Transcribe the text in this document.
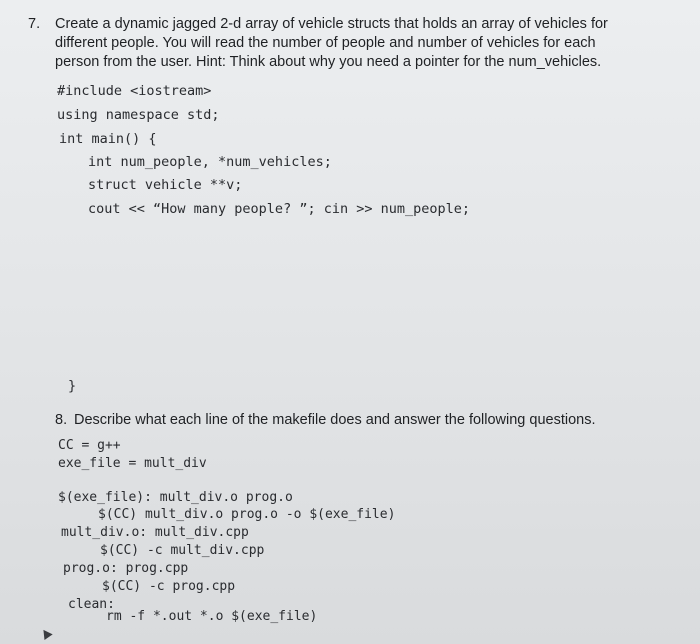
7. Create a dynamic jagged 2-d array of vehicle structs that holds an array of vehicles for
different people. You will read the number of people and number of vehicles for each
person from the user. Hint: Think about why you need a pointer for the num_vehicles.
#include <iostream>
using namespace std;
int main() {
int num_people, *num_vehicles;
struct vehicle **v;
cout << “How many people? ”; cin >> num_people;
}
8. Describe what each line of the makefile does and answer the following questions.
CC = g++
exe_file = mult_div
$(exe_file): mult_div.o prog.o
$(CC) mult_div.o prog.o -o $(exe_file)
mult_div.o: mult_div.cpp
$(CC) -c mult_div.cpp
prog.o: prog.cpp
$(CC) -c prog.cpp
clean:
rm -f *.out *.o $(exe_file)
